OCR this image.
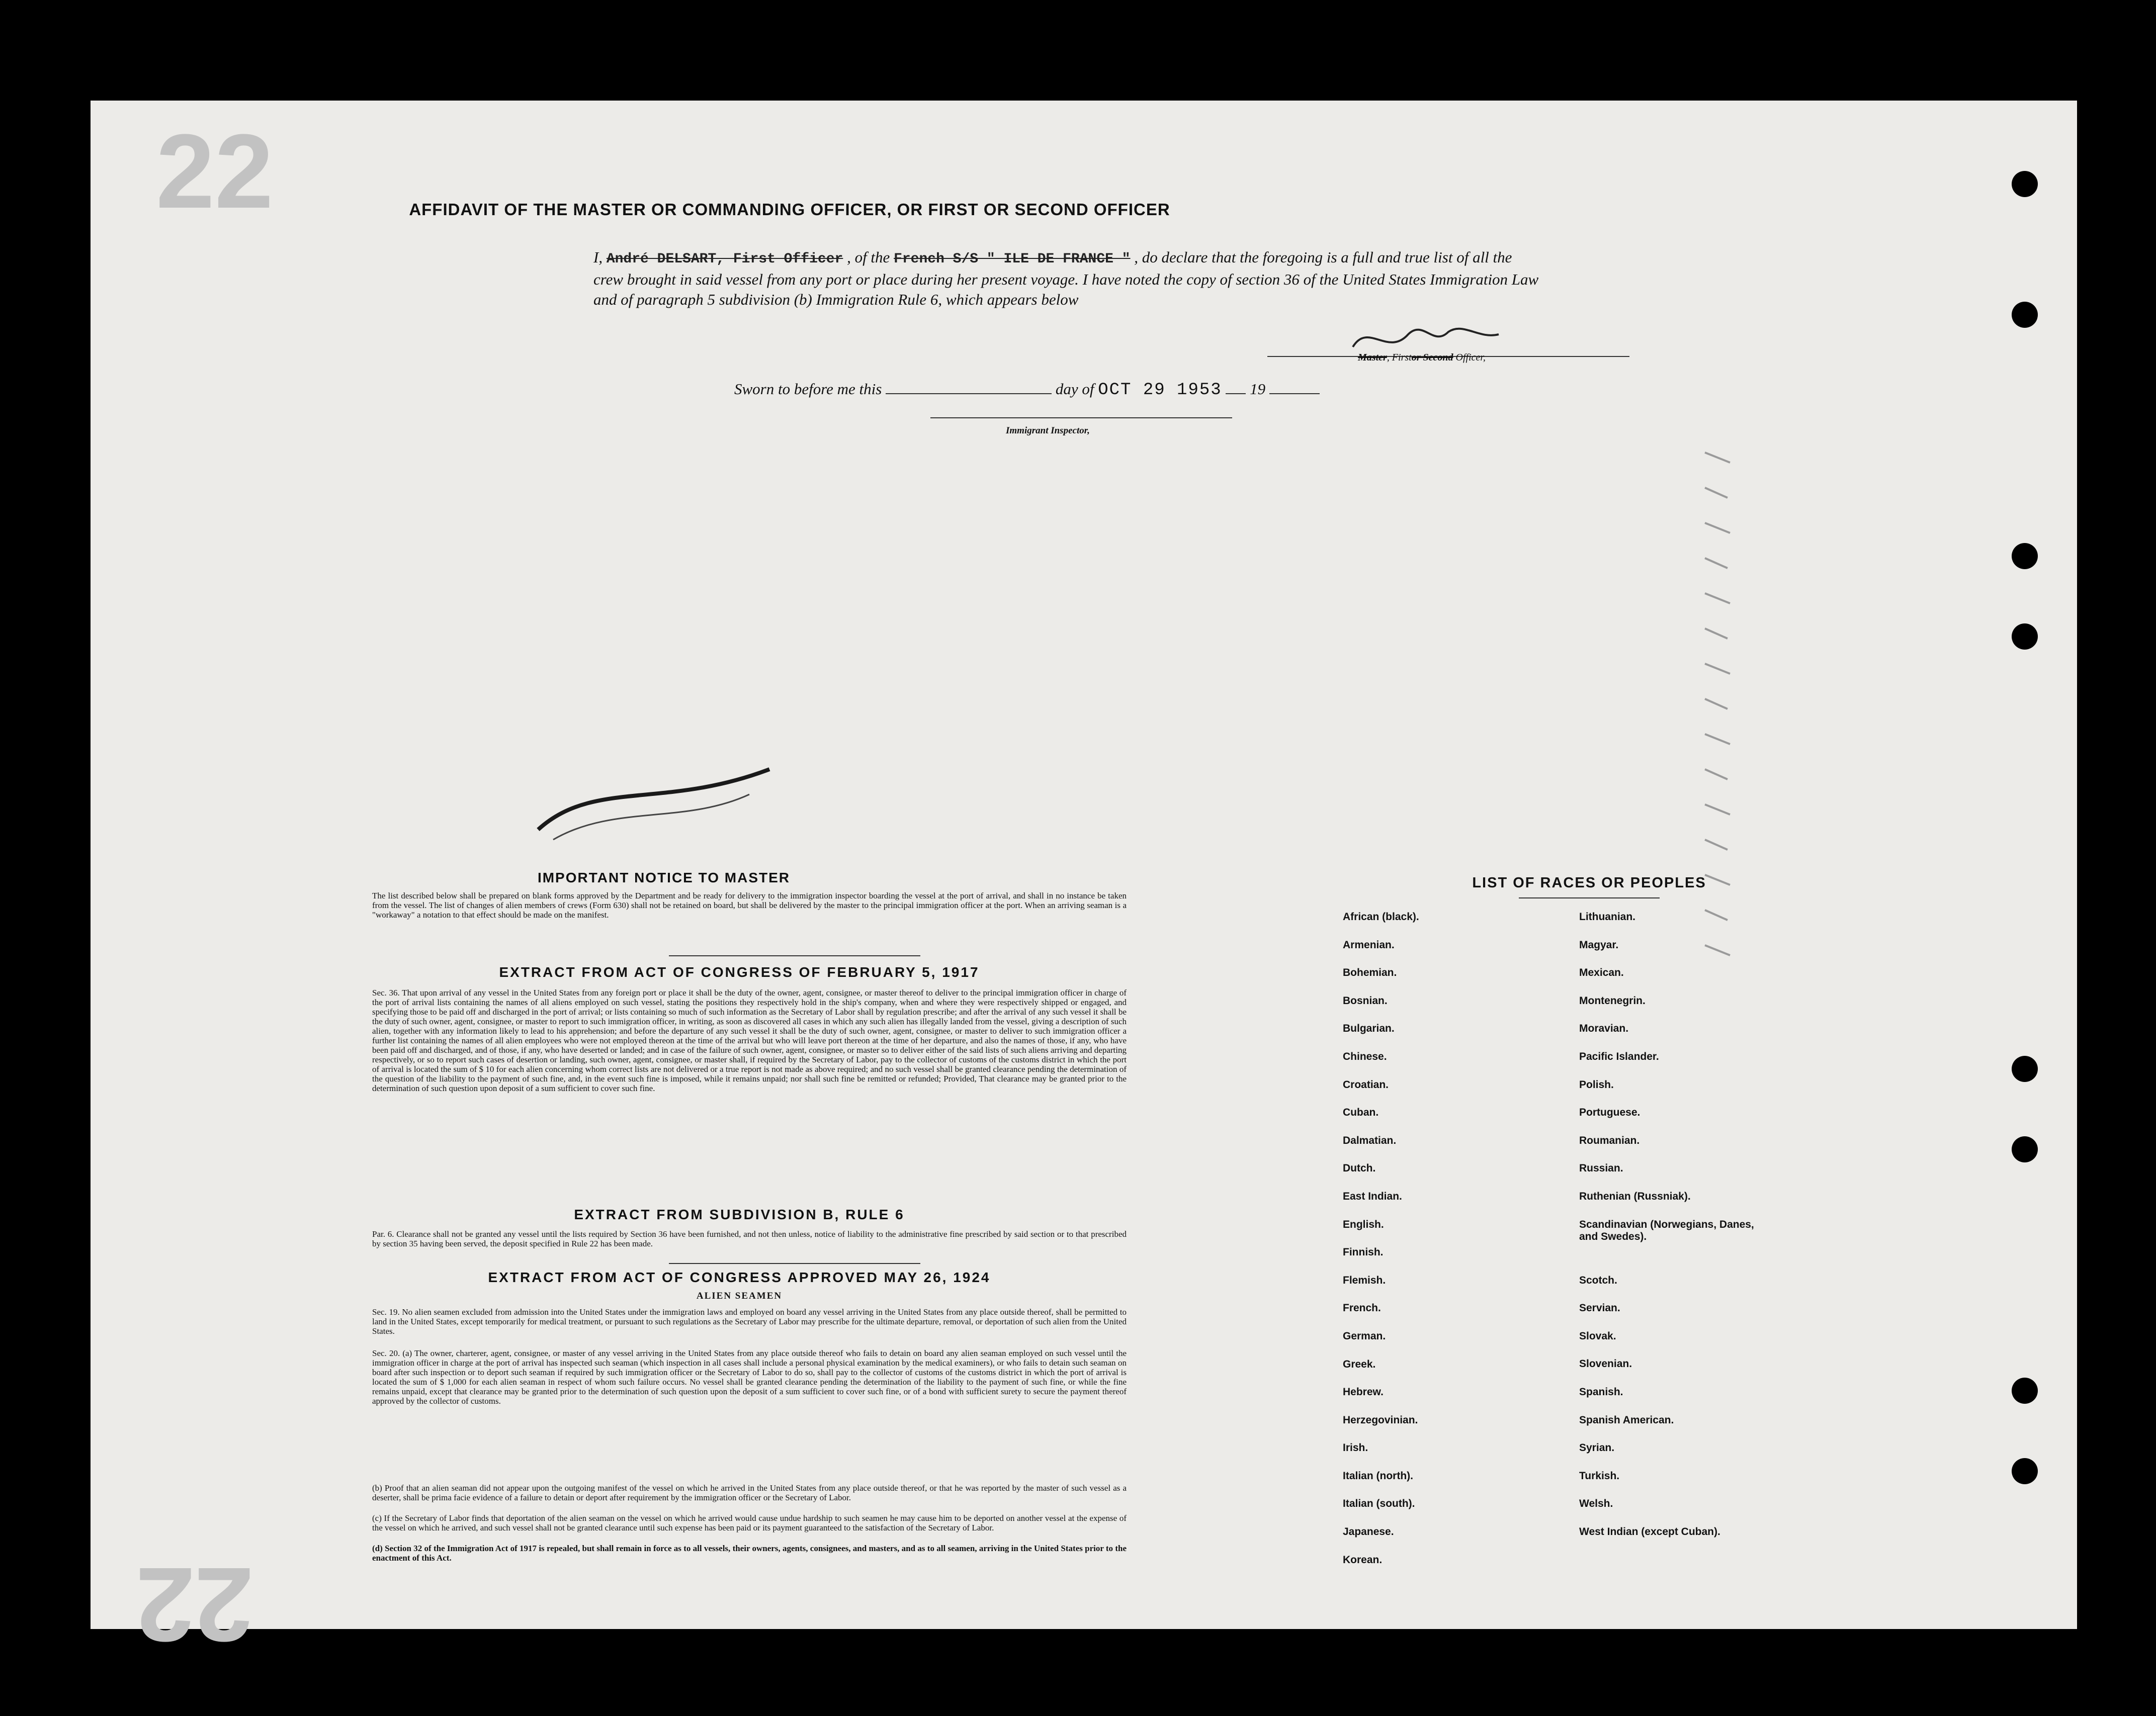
22
22
AFFIDAVIT OF THE MASTER OR COMMANDING OFFICER, OR FIRST OR SECOND OFFICER
I, André DELSART, First Officer , of the French S/S " ILE DE FRANCE " , do declare that the foregoing is a full and true list of all the crew brought in said vessel from any port or place during her present voyage. I have noted the copy of section 36 of the United States Immigration Law and of paragraph 5 subdivision (b) Immigration Rule 6, which appears below
Master, Firstor Second Officer,
Sworn to before me this	day of OCT 29 1953 19
Immigrant Inspector,
IMPORTANT NOTICE TO MASTER
The list described below shall be prepared on blank forms approved by the Department and be ready for delivery to the immigration inspector boarding the vessel at the port of arrival, and shall in no instance be taken from the vessel. The list of changes of alien members of crews (Form 630) shall not be retained on board, but shall be delivered by the master to the principal immigration officer at the port. When an arriving seaman is a "workaway" a notation to that effect should be made on the manifest.
EXTRACT FROM ACT OF CONGRESS OF FEBRUARY 5, 1917
Sec. 36. That upon arrival of any vessel in the United States from any foreign port or place it shall be the duty of the owner, agent, consignee, or master thereof to deliver to the principal immigration officer in charge of the port of arrival lists containing the names of all aliens employed on such vessel, stating the positions they respectively hold in the ship's company, when and where they were respectively shipped or engaged, and specifying those to be paid off and discharged in the port of arrival; or lists containing so much of such information as the Secretary of Labor shall by regulation prescribe; and after the arrival of any such vessel it shall be the duty of such owner, agent, consignee, or master to report to such immigration officer, in writing, as soon as discovered all cases in which any such alien has illegally landed from the vessel, giving a description of such alien, together with any information likely to lead to his apprehension; and before the departure of any such vessel it shall be the duty of such owner, agent, consignee, or master to deliver to such immigration officer a further list containing the names of all alien employees who were not employed thereon at the time of the arrival but who will leave port thereon at the time of her departure, and also the names of those, if any, who have been paid off and discharged, and of those, if any, who have deserted or landed; and in case of the failure of such owner, agent, consignee, or master so to deliver either of the said lists of such aliens arriving and departing respectively, or so to report such cases of desertion or landing, such owner, agent, consignee, or master shall, if required by the Secretary of Labor, pay to the collector of customs of the customs district in which the port of arrival is located the sum of $ 10 for each alien concerning whom correct lists are not delivered or a true report is not made as above required; and no such vessel shall be granted clearance pending the determination of the question of the liability to the payment of such fine, and, in the event such fine is imposed, while it remains unpaid; nor shall such fine be remitted or refunded; Provided, That clearance may be granted prior to the determination of such question upon deposit of a sum sufficient to cover such fine.
EXTRACT FROM SUBDIVISION B, RULE 6
Par. 6. Clearance shall not be granted any vessel until the lists required by Section 36 have been furnished, and not then unless, notice of liability to the administrative fine prescribed by said section or to that prescribed by section 35 having been served, the deposit specified in Rule 22 has been made.
EXTRACT FROM ACT OF CONGRESS APPROVED MAY 26, 1924
ALIEN SEAMEN
Sec. 19. No alien seamen excluded from admission into the United States under the immigration laws and employed on board any vessel arriving in the United States from any place outside thereof, shall be permitted to land in the United States, except temporarily for medical treatment, or pursuant to such regulations as the Secretary of Labor may prescribe for the ultimate departure, removal, or deportation of such alien from the United States.
Sec. 20. (a) The owner, charterer, agent, consignee, or master of any vessel arriving in the United States from any place outside thereof who fails to detain on board any alien seaman employed on such vessel until the immigration officer in charge at the port of arrival has inspected such seaman (which inspection in all cases shall include a personal physical examination by the medical examiners), or who fails to detain such seaman on board after such inspection or to deport such seaman if required by such immigration officer or the Secretary of Labor to do so, shall pay to the collector of customs of the customs district in which the port of arrival is located the sum of $ 1,000 for each alien seaman in respect of whom such failure occurs. No vessel shall be granted clearance pending the determination of the liability to the payment of such fine, or while the fine remains unpaid, except that clearance may be granted prior to the determination of such question upon the deposit of a sum sufficient to cover such fine, or of a bond with sufficient surety to secure the payment thereof approved by the collector of customs.
(b) Proof that an alien seaman did not appear upon the outgoing manifest of the vessel on which he arrived in the United States from any place outside thereof, or that he was reported by the master of such vessel as a deserter, shall be prima facie evidence of a failure to detain or deport after requirement by the immigration officer or the Secretary of Labor.
(c) If the Secretary of Labor finds that deportation of the alien seaman on the vessel on which he arrived would cause undue hardship to such seamen he may cause him to be deported on another vessel at the expense of the vessel on which he arrived, and such vessel shall not be granted clearance until such expense has been paid or its payment guaranteed to the satisfaction of the Secretary of Labor.
(d) Section 32 of the Immigration Act of 1917 is repealed, but shall remain in force as to all vessels, their owners, agents, consignees, and masters, and as to all seamen, arriving in the United States prior to the enactment of this Act.
LIST OF RACES OR PEOPLES
African (black).
Armenian.
Bohemian.
Bosnian.
Bulgarian.
Chinese.
Croatian.
Cuban.
Dalmatian.
Dutch.
East Indian.
English.
Finnish.
Flemish.
French.
German.
Greek.
Hebrew.
Herzegovinian.
Irish.
Italian (north).
Italian (south).
Japanese.
Korean.
Lithuanian.
Magyar.
Mexican.
Montenegrin.
Moravian.
Pacific Islander.
Polish.
Portuguese.
Roumanian.
Russian.
Ruthenian (Russniak).
Scandinavian (Norwegians, Danes, and Swedes).
Scotch.
Servian.
Slovak.
Slovenian.
Spanish.
Spanish American.
Syrian.
Turkish.
Welsh.
West Indian (except Cuban).
